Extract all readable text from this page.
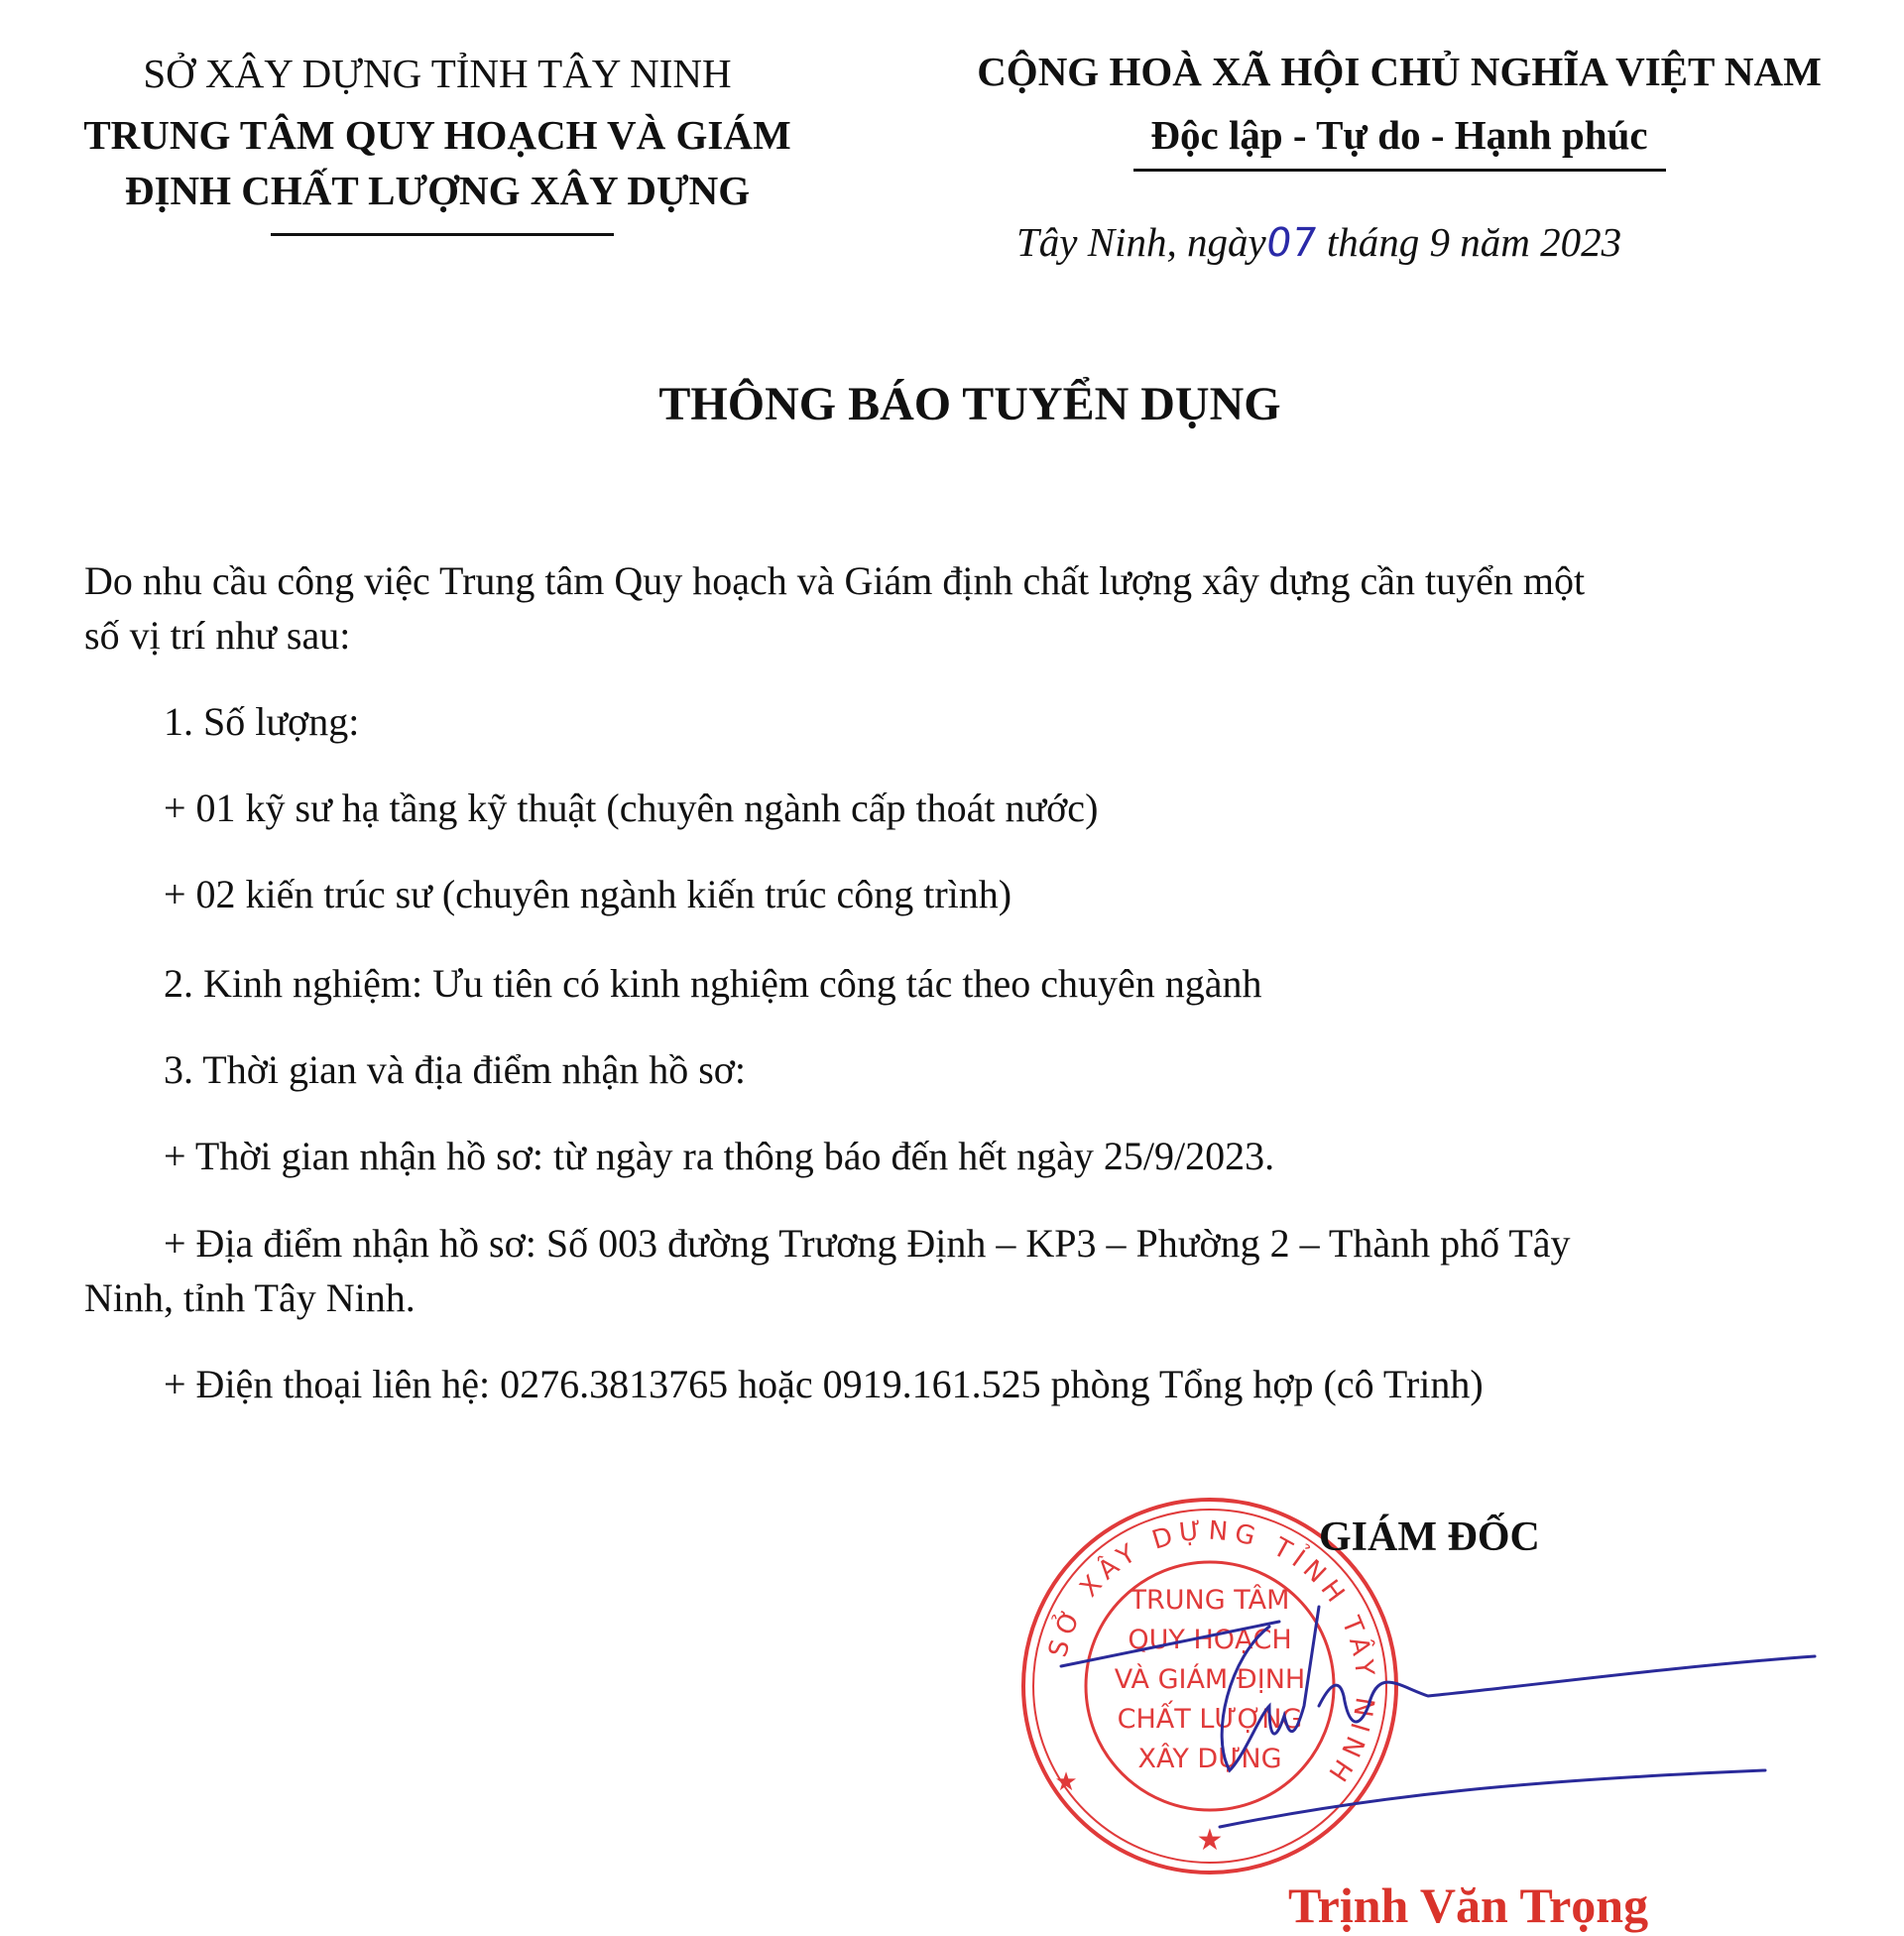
SỞ XÂY DỰNG TỈNH TÂY NINH
TRUNG TÂM QUY HOẠCH VÀ GIÁM
ĐỊNH CHẤT LƯỢNG XÂY DỰNG
CỘNG HOÀ XÃ HỘI CHỦ NGHĨA VIỆT NAM
Độc lập - Tự do - Hạnh phúc
Tây Ninh, ngày07 tháng 9 năm 2023
THÔNG BÁO TUYỂN DỤNG
Do nhu cầu công việc Trung tâm Quy hoạch và Giám định chất lượng xây dựng cần tuyển một
số vị trí như sau:
1. Số lượng:
+ 01 kỹ sư hạ tầng kỹ thuật (chuyên ngành cấp thoát nước)
+ 02 kiến trúc sư (chuyên ngành kiến trúc công trình)
2. Kinh nghiệm: Ưu tiên có kinh nghiệm công tác theo chuyên ngành
3. Thời gian và địa điểm nhận hồ sơ:
+ Thời gian nhận hồ sơ: từ ngày ra thông báo đến hết ngày 25/9/2023.
+ Địa điểm nhận hồ sơ: Số 003 đường Trương Định – KP3 – Phường 2 – Thành phố Tây
Ninh, tỉnh Tây Ninh.
+ Điện thoại liên hệ: 0276.3813765 hoặc 0919.161.525 phòng Tổng hợp (cô Trinh)
SỞ XÂY DỰNG TỈNH TÂY NINH
TRUNG TÂM
QUY HOẠCH
VÀ GIÁM ĐỊNH
CHẤT LƯỢNG
XÂY DỰNG
★
★
GIÁM ĐỐC
Trịnh Văn Trọng
